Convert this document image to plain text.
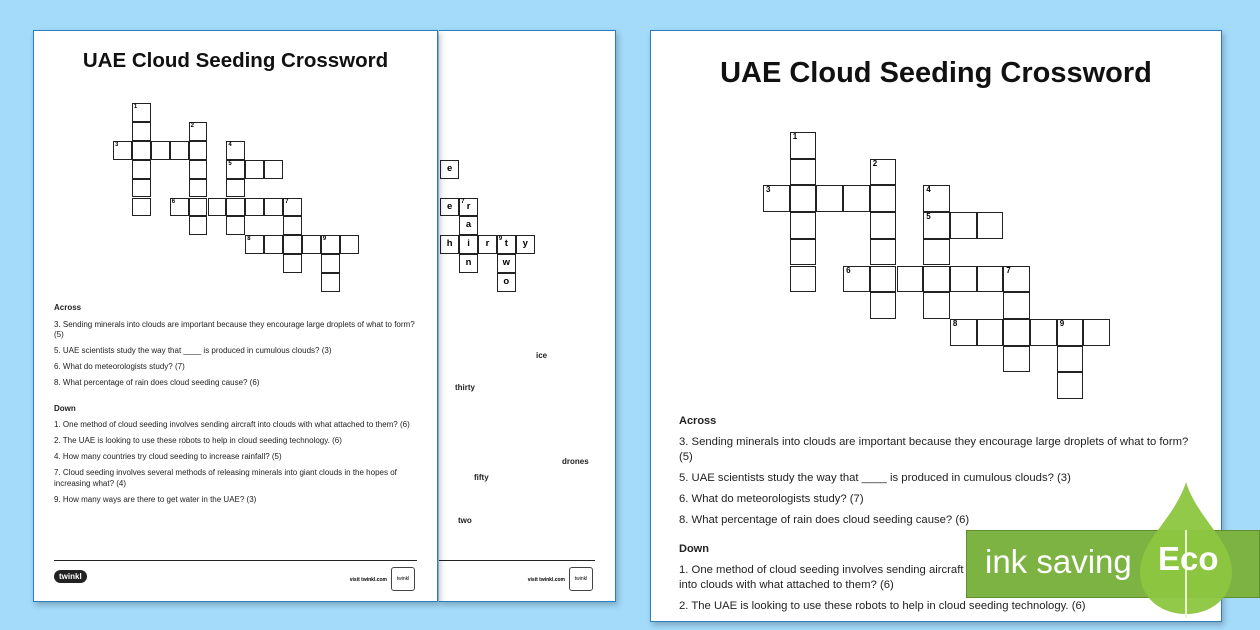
e
e	7 r
a
i
n
h	r	9 t	y
w
o
ice
thirty
drones
fifty
two
visit twinkl.com	twinkl
UAE Cloud Seeding Crossword
1
2
3	4
5
6	7
8	9
Across
3. Sending minerals into clouds are important because they encourage large droplets of what to form? (5)
5. UAE scientists study the way that ____ is produced in cumulous clouds? (3)
6. What do meteorologists study? (7)
8. What percentage of rain does cloud seeding cause? (6)
Down
1. One method of cloud seeding involves sending aircraft into clouds with what attached to them? (6)
2. The UAE is looking to use these robots to help in cloud seeding technology. (6)
4. How many countries try cloud seeding to increase rainfall? (5)
7. Cloud seeding involves several methods of releasing minerals into giant clouds in the hopes of increasing what? (4)
9. How many ways are there to get water in the UAE? (3)
twinkl	visit twinkl.com	twinkl
UAE Cloud Seeding Crossword
1
2
3	4
5
6	7
8	9
Across
3. Sending minerals into clouds are important because they encourage large droplets of what to form? (5)
5. UAE scientists study the way that ____ is produced in cumulous clouds? (3)
6. What do meteorologists study? (7)
8. What percentage of rain does cloud seeding cause? (6)
Down
1. One method of cloud seeding involves sending aircraft into clouds with what attached to them? (6)
2. The UAE is looking to use these robots to help in cloud seeding technology. (6)
ink saving Eco
